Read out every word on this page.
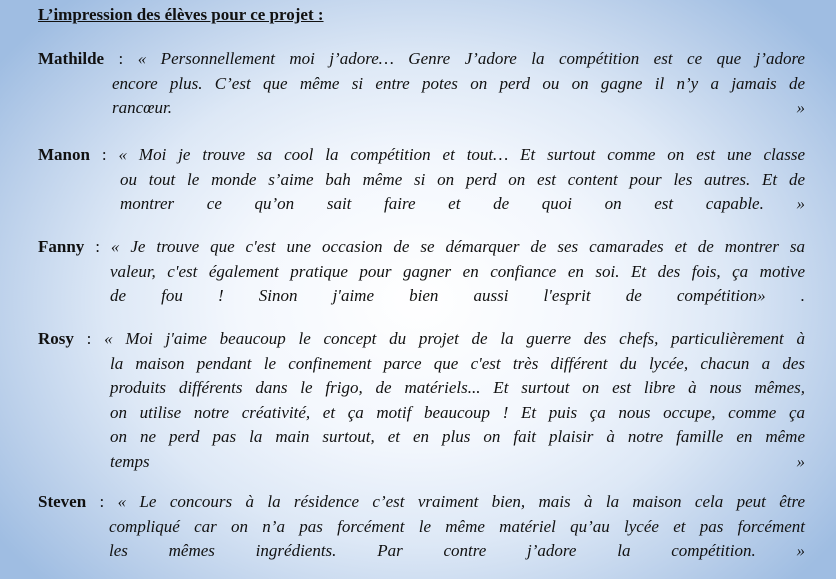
L’impression des élèves pour ce projet :
Mathilde : « Personnellement moi j’adore… Genre J’adore la compétition est ce que j’adore
encore plus. C’est que même si entre potes on perd ou on gagne il n’y a jamais de
rancœur. »
Manon : « Moi je trouve sa cool la compétition et tout… Et surtout comme on est une classe
ou tout le monde s’aime bah même si on perd on est content pour les autres. Et de
montrer ce qu’on sait faire et de quoi on est capable. »
Fanny : « Je trouve que c'est une occasion de se démarquer de ses camarades et de montrer sa
valeur, c'est également pratique pour gagner en confiance en soi. Et des fois, ça motive
de fou ! Sinon j'aime bien aussi l'esprit de compétition» .
Rosy : « Moi j'aime beaucoup le concept du projet de la guerre des chefs, particulièrement à
la maison pendant le confinement parce que c'est très différent du lycée, chacun a des
produits différents dans le frigo, de matériels... Et surtout on est libre à nous mêmes,
on utilise notre créativité, et ça motif beaucoup ! Et puis ça nous occupe, comme ça
on ne perd pas la main surtout, et en plus on fait plaisir à notre famille en même
temps »
Steven : « Le concours à la résidence c’est vraiment bien, mais à la maison cela peut être
compliqué car on n’a pas forcément le même matériel qu’au lycée et pas forcément
les mêmes ingrédients. Par contre j’adore la compétition. »
